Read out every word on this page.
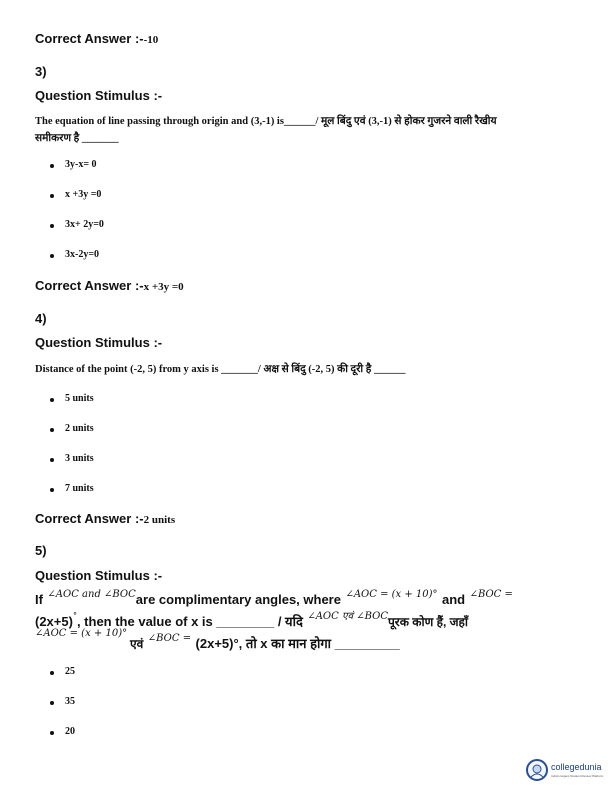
Correct Answer :--10
3)
Question Stimulus :-
The equation of line passing through origin and (3,-1) is______/ मूल बिंदु एवं (3,-1) से होकर गुजरने वाली रैखीय
समीकरण है _______
3y-x= 0
x +3y =0
3x+ 2y=0
3x-2y=0
Correct Answer :-x +3y =0
4)
Question Stimulus :-
Distance of the point (-2, 5) from y axis is _______/ अक्ष से बिंदु (-2, 5) की दूरी है ______
5 units
2 units
3 units
7 units
Correct Answer :-2 units
5)
Question Stimulus :-
If $^{\angle AOC and \angle BOC}$are complimentary angles, where $^{\angle AOC = (x + 10)^\circ}$ and $^{\angle BOC =}$
(2x+5)°, then the value of x is ________ / यदि $^{\angle AOC एवं \angle BOC}$पूरक कोण हैं, जहाँ
∠AOC = (x + 10)°
एवं $^{\angle BOC =}$ (2x+5)°, तो x का मान होगा _________
25
35
20
collegedunia
India's largest Student Review Platform
